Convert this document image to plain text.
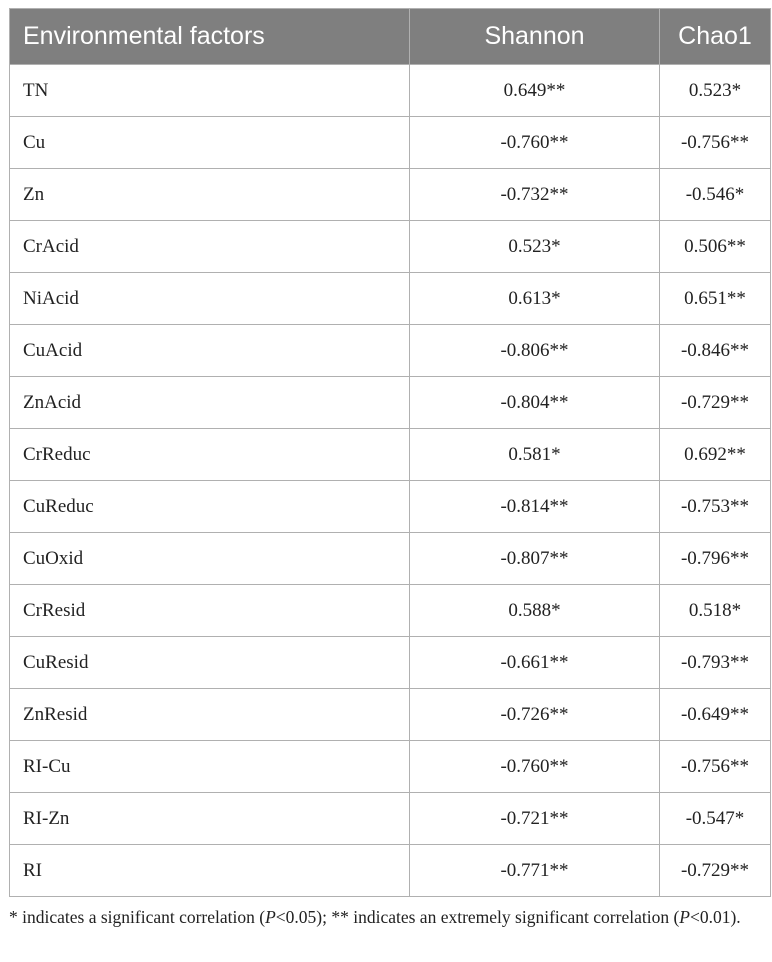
Environmental factors	Shannon	Chao1
TN	0.649**	0.523*
Cu	-0.760**	-0.756**
Zn	-0.732**	-0.546*
CrAcid	0.523*	0.506**
NiAcid	0.613*	0.651**
CuAcid	-0.806**	-0.846**
ZnAcid	-0.804**	-0.729**
CrReduc	0.581*	0.692**
CuReduc	-0.814**	-0.753**
CuOxid	-0.807**	-0.796**
CrResid	0.588*	0.518*
CuResid	-0.661**	-0.793**
ZnResid	-0.726**	-0.649**
RI-Cu	-0.760**	-0.756**
RI-Zn	-0.721**	-0.547*
RI	-0.771**	-0.729**
* indicates a significant correlation (P<0.05); ** indicates an extremely significant correlation (P<0.01).
